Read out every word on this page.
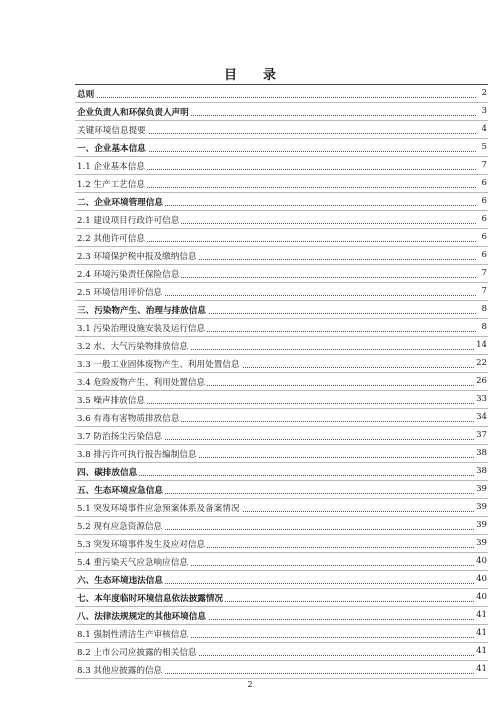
目 录
总则	2
企业负责人和环保负责人声明	3
关键环境信息提要	4
一、企业基本信息	5
1.1 企业基本信息	7
1.2 生产工艺信息	6
二、企业环境管理信息	6
2.1 建设项目行政许可信息	6
2.2 其他许可信息	6
2.3 环境保护税申报及缴纳信息	6
2.4 环境污染责任保险信息	7
2.5 环境信用评价信息	7
三、污染物产生、治理与排放信息	8
3.1 污染治理设施安装及运行信息	8
3.2 水、大气污染物排放信息	14
3.3 一般工业固体废物产生、利用处置信息	22
3.4 危险废物产生、利用处置信息	26
3.5 噪声排放信息	33
3.6 有毒有害物质排放信息	34
3.7 防治扬尘污染信息	37
3.8 排污许可执行报告编制信息	38
四、碳排放信息	38
五、生态环境应急信息	39
5.1 突发环境事件应急预案体系及备案情况	39
5.2 现有应急资源信息	39
5.3 突发环境事件发生及应对信息	39
5.4 重污染天气应急响应信息	40
六、生态环境违法信息	40
七、本年度临时环境信息依法披露情况	40
八、法律法规规定的其他环境信息	41
8.1 强制性清洁生产审核信息	41
8.2 上市公司应披露的相关信息	41
8.3 其他应披露的信息	41
2
